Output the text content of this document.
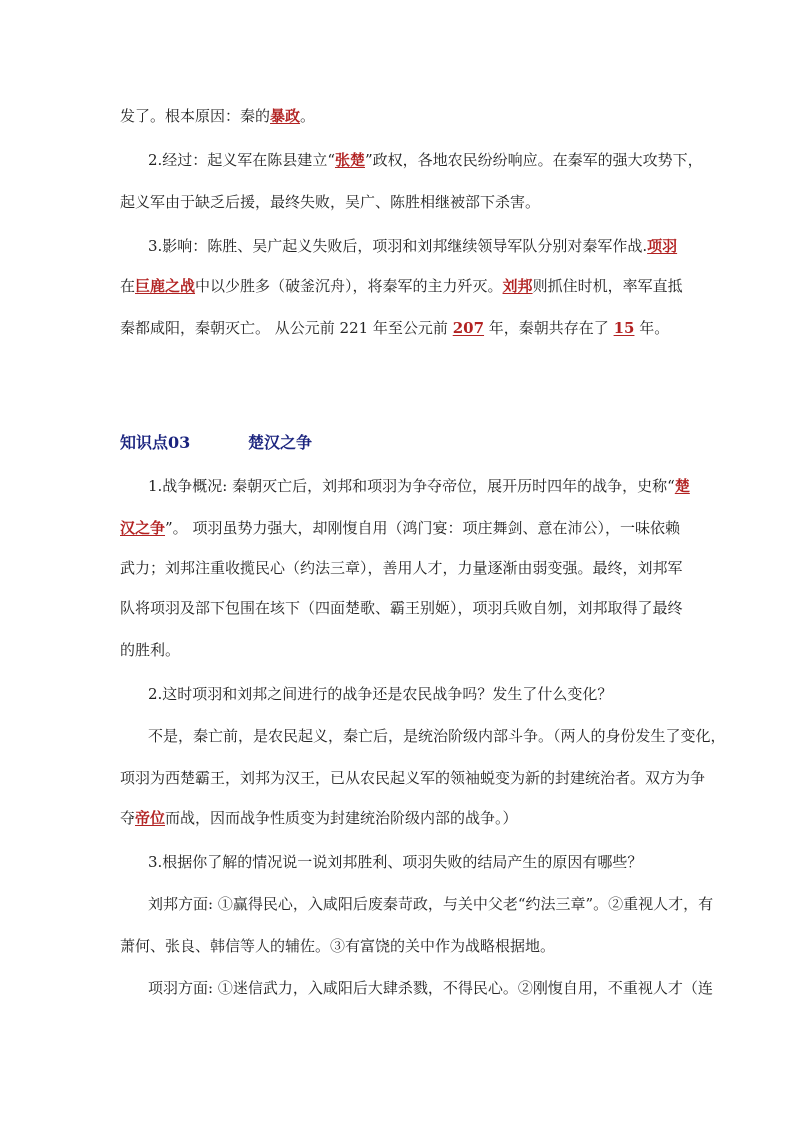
发了。根本原因：秦的暴政。
2.经过：起义军在陈县建立“张楚”政权，各地农民纷纷响应。在秦军的强大攻势下，
起义军由于缺乏后援，最终失败，吴广、陈胜相继被部下杀害。
3.影响：陈胜、吴广起义失败后，项羽和刘邦继续领导军队分别对秦军作战.项羽
在巨鹿之战中以少胜多（破釜沉舟），将秦军的主力歼灭。刘邦则抓住时机，率军直抵
秦都咸阳，秦朝灭亡。 从公元前 221 年至公元前 207 年，秦朝共存在了 15 年。
知识点03	楚汉之争
1.战争概况: 秦朝灭亡后，刘邦和项羽为争夺帝位，展开历时四年的战争，史称“楚
汉之争”。 项羽虽势力强大，却刚愎自用（鸿门宴：项庄舞剑、意在沛公），一味依赖
武力；刘邦注重收揽民心（约法三章），善用人才，力量逐渐由弱变强。最终，刘邦军
队将项羽及部下包围在垓下（四面楚歌、霸王别姬），项羽兵败自刎，刘邦取得了最终
的胜利。
2.这时项羽和刘邦之间进行的战争还是农民战争吗？发生了什么变化？
不是，秦亡前，是农民起义，秦亡后，是统治阶级内部斗争。（两人的身份发生了变化，
项羽为西楚霸王，刘邦为汉王，已从农民起义军的领袖蜕变为新的封建统治者。双方为争
夺帝位而战，因而战争性质变为封建统治阶级内部的战争。）
3.根据你了解的情况说一说刘邦胜利、项羽失败的结局产生的原因有哪些？
刘邦方面: ①赢得民心，入咸阳后废秦苛政，与关中父老“约法三章”。②重视人才，有
萧何、张良、韩信等人的辅佐。③有富饶的关中作为战略根据地。
项羽方面: ①迷信武力，入咸阳后大肆杀戮，不得民心。②刚愎自用，不重视人才（连
